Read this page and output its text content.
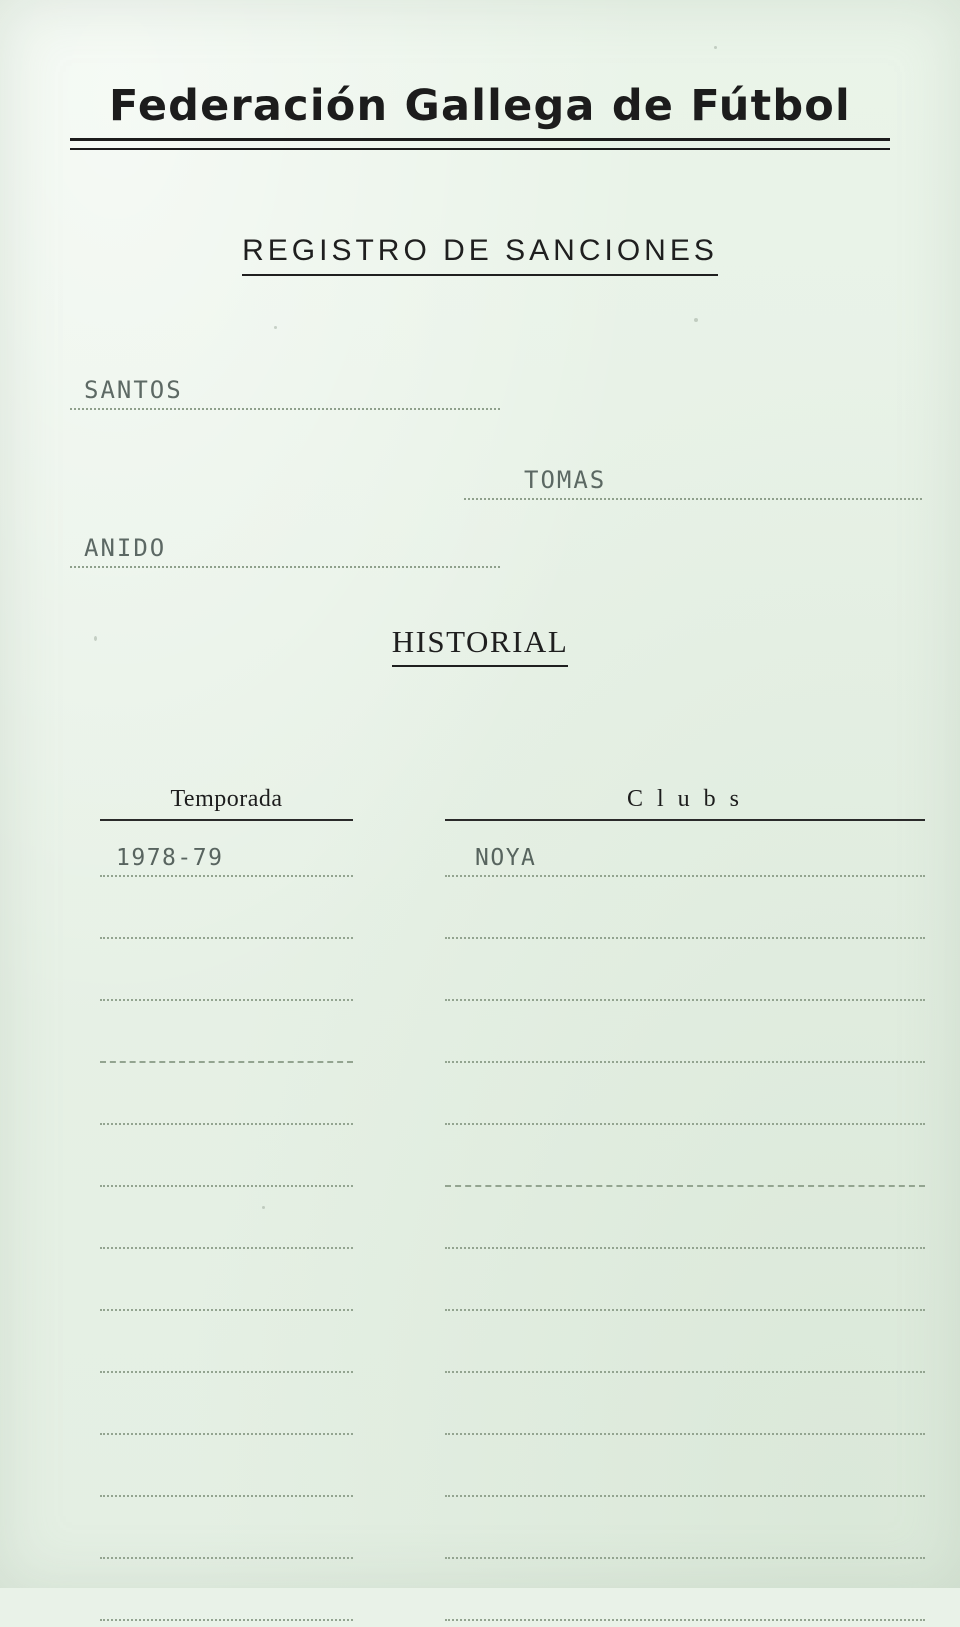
Federación Gallega de Fútbol
REGISTRO DE SANCIONES
SANTOS
TOMAS
ANIDO
HISTORIAL
Temporada	C l u b s
1978-79	NOYA
